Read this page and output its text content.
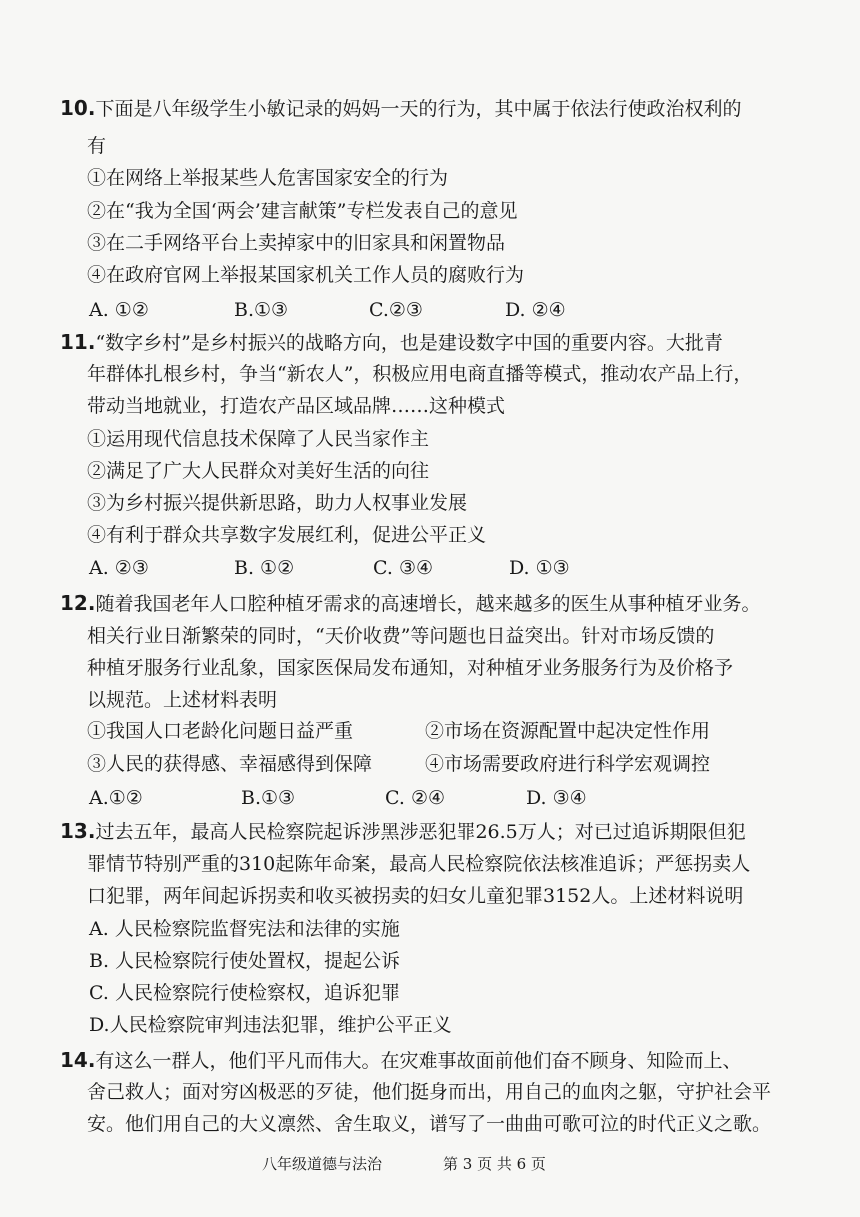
10.下面是八年级学生小敏记录的妈妈一天的行为，其中属于依法行使政治权利的
有
①在网络上举报某些人危害国家安全的行为
②在“我为全国‘两会’建言献策”专栏发表自己的意见
③在二手网络平台上卖掉家中的旧家具和闲置物品
④在政府官网上举报某国家机关工作人员的腐败行为
A. ①②	B.①③	C.②③	D. ②④
11.“数字乡村”是乡村振兴的战略方向，也是建设数字中国的重要内容。大批青
年群体扎根乡村，争当“新农人”，积极应用电商直播等模式，推动农产品上行，
带动当地就业，打造农产品区域品牌……这种模式
①运用现代信息技术保障了人民当家作主
②满足了广大人民群众对美好生活的向往
③为乡村振兴提供新思路，助力人权事业发展
④有利于群众共享数字发展红利，促进公平正义
A. ②③	B. ①②	C. ③④	D. ①③
12.随着我国老年人口腔种植牙需求的高速增长，越来越多的医生从事种植牙业务。
相关行业日渐繁荣的同时，“天价收费”等问题也日益突出。针对市场反馈的
种植牙服务行业乱象，国家医保局发布通知，对种植牙业务服务行为及价格予
以规范。上述材料表明
①我国人口老龄化问题日益严重	②市场在资源配置中起决定性作用
③人民的获得感、幸福感得到保障	④市场需要政府进行科学宏观调控
A.①②	B.①③	C. ②④	D. ③④
13.过去五年，最高人民检察院起诉涉黑涉恶犯罪26.5万人；对已过追诉期限但犯
罪情节特别严重的310起陈年命案，最高人民检察院依法核准追诉；严惩拐卖人
口犯罪，两年间起诉拐卖和收买被拐卖的妇女儿童犯罪3152人。上述材料说明
A. 人民检察院监督宪法和法律的实施
B. 人民检察院行使处置权，提起公诉
C. 人民检察院行使检察权，追诉犯罪
D.人民检察院审判违法犯罪，维护公平正义
14.有这么一群人，他们平凡而伟大。在灾难事故面前他们奋不顾身、知险而上、
舍己救人；面对穷凶极恶的歹徒，他们挺身而出，用自己的血肉之躯，守护社会平
安。他们用自己的大义凛然、舍生取义，谱写了一曲曲可歌可泣的时代正义之歌。
八年级道德与法治	第 3 页 共 6 页
